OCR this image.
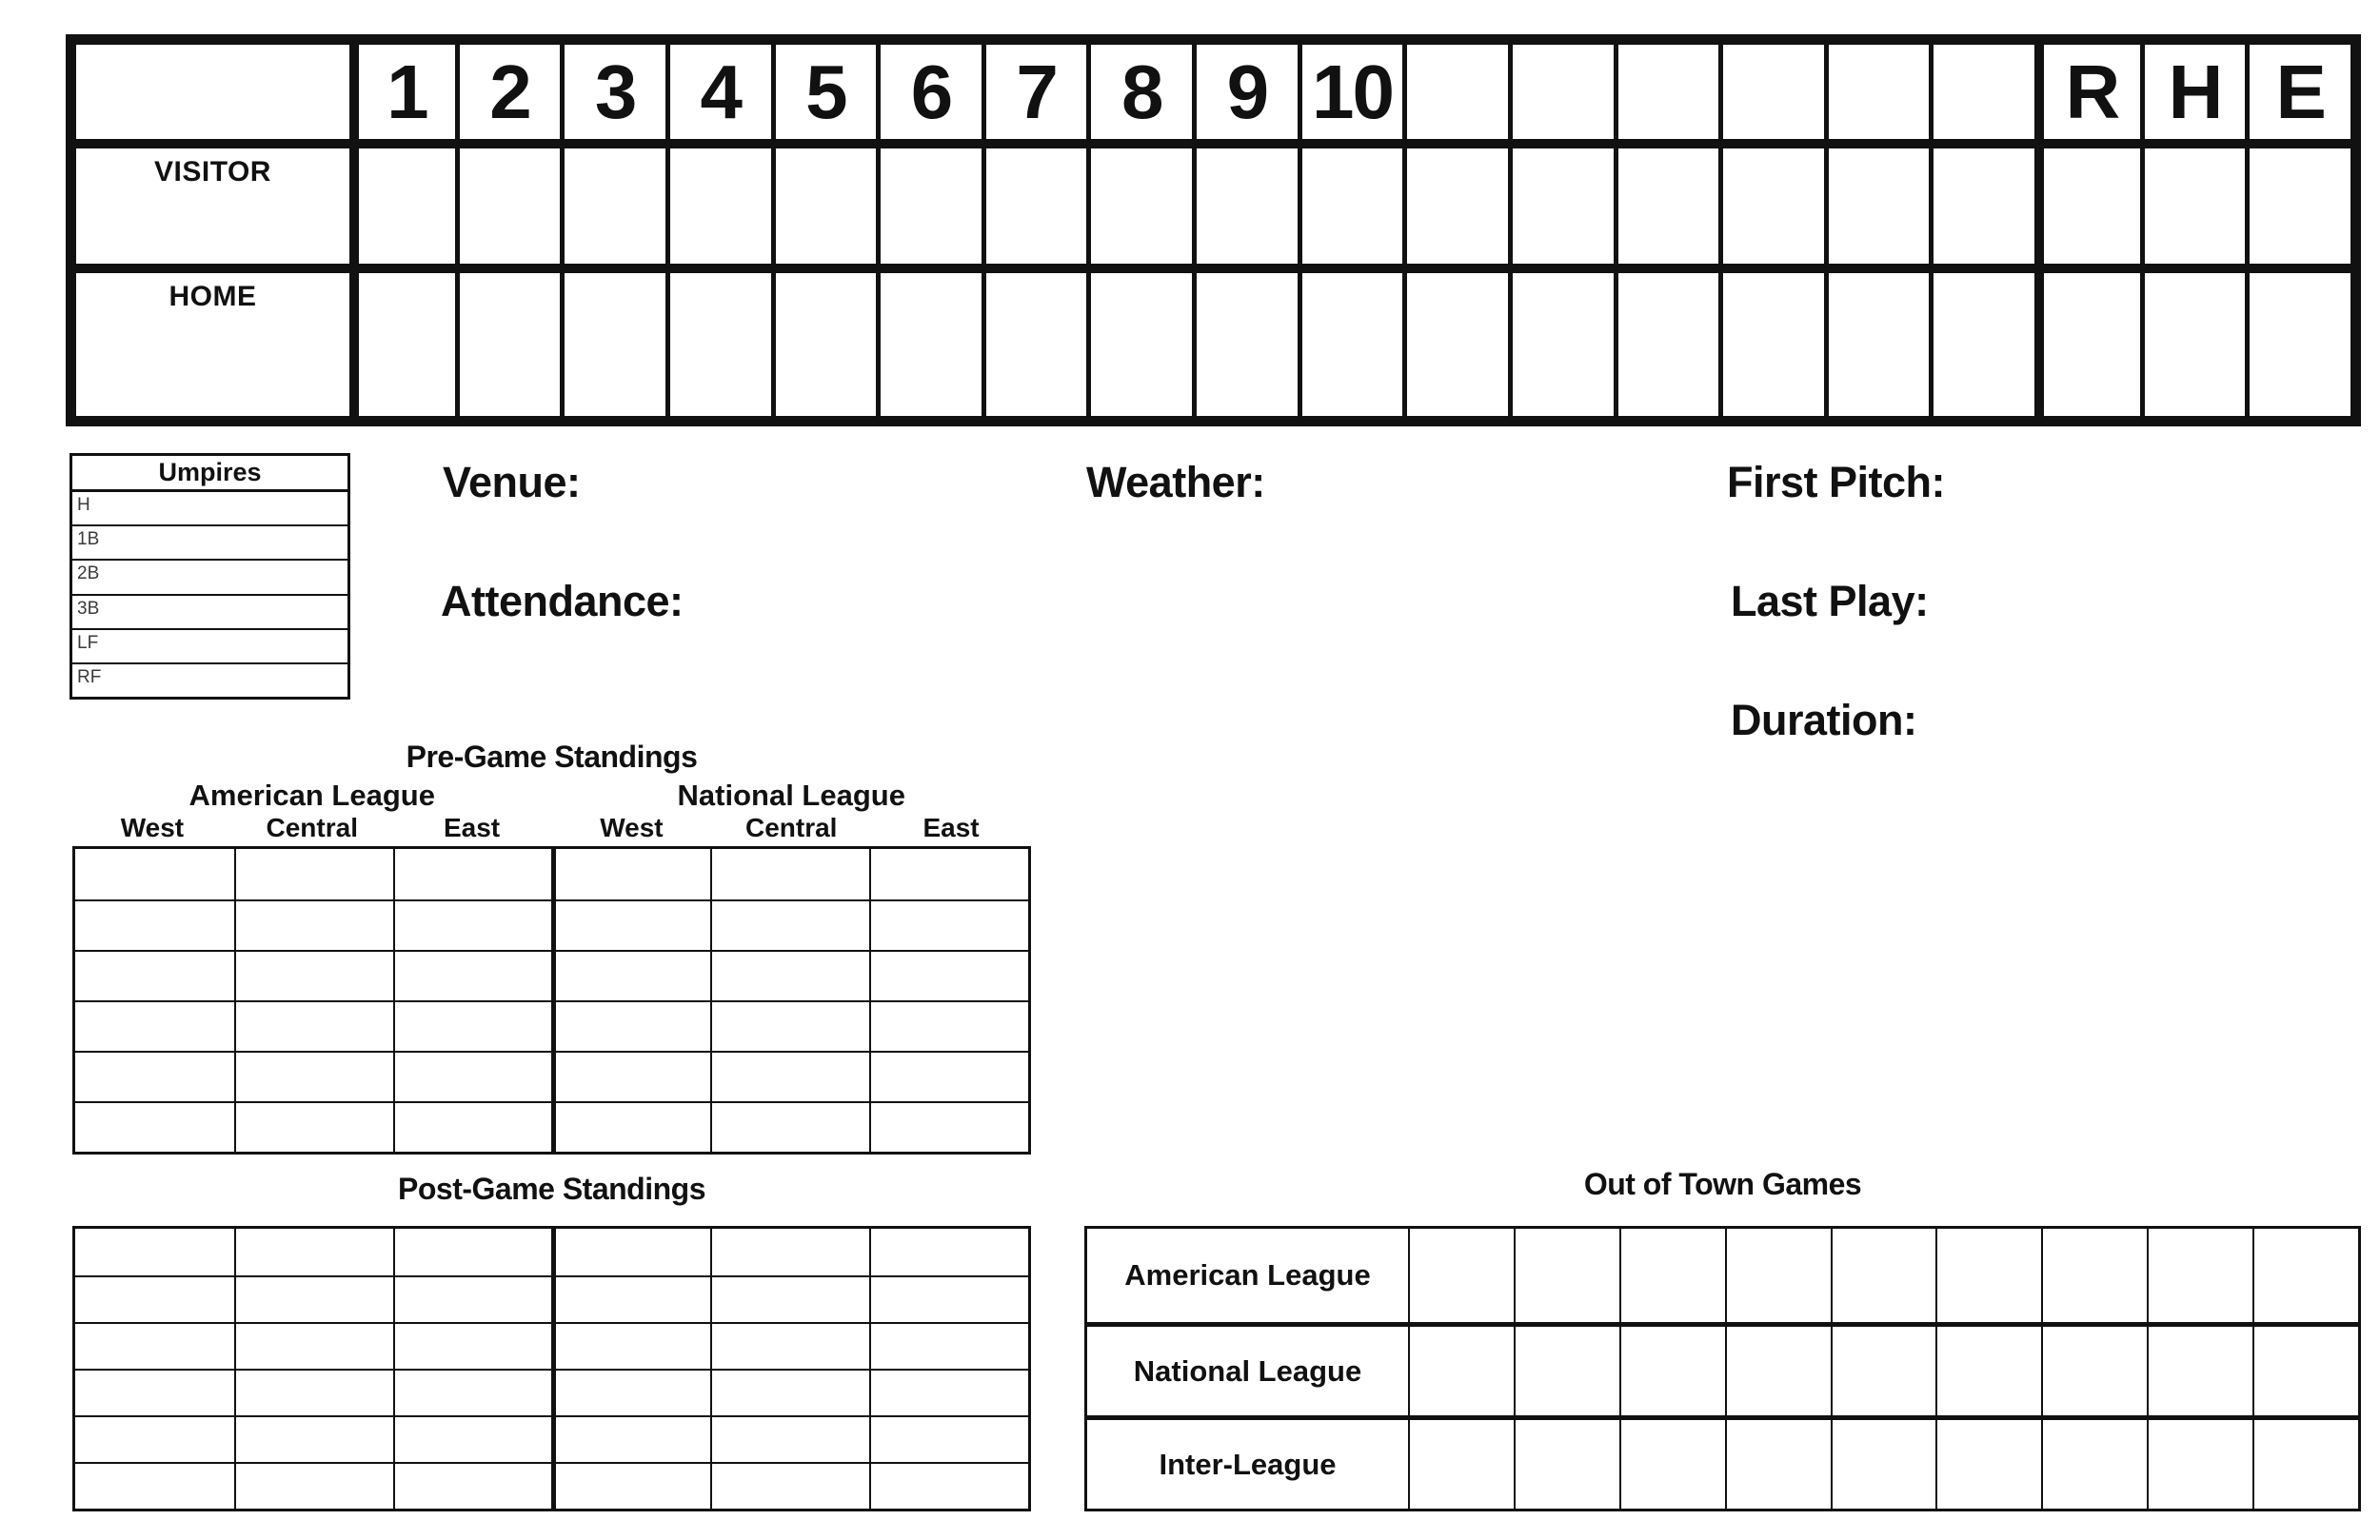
1 2 3 4 5 6 7 8 9 10	R H E
VISITOR
HOME
Umpires
H
1B
2B
3B
LF
RF
Venue:	Weather:	First Pitch:
Attendance:	Last Play:
Duration:
Pre-Game Standings
American League	National League
West	Central	East	West	Central	East
Post-Game Standings	Out of Town Games
American League
National League
Inter-League
